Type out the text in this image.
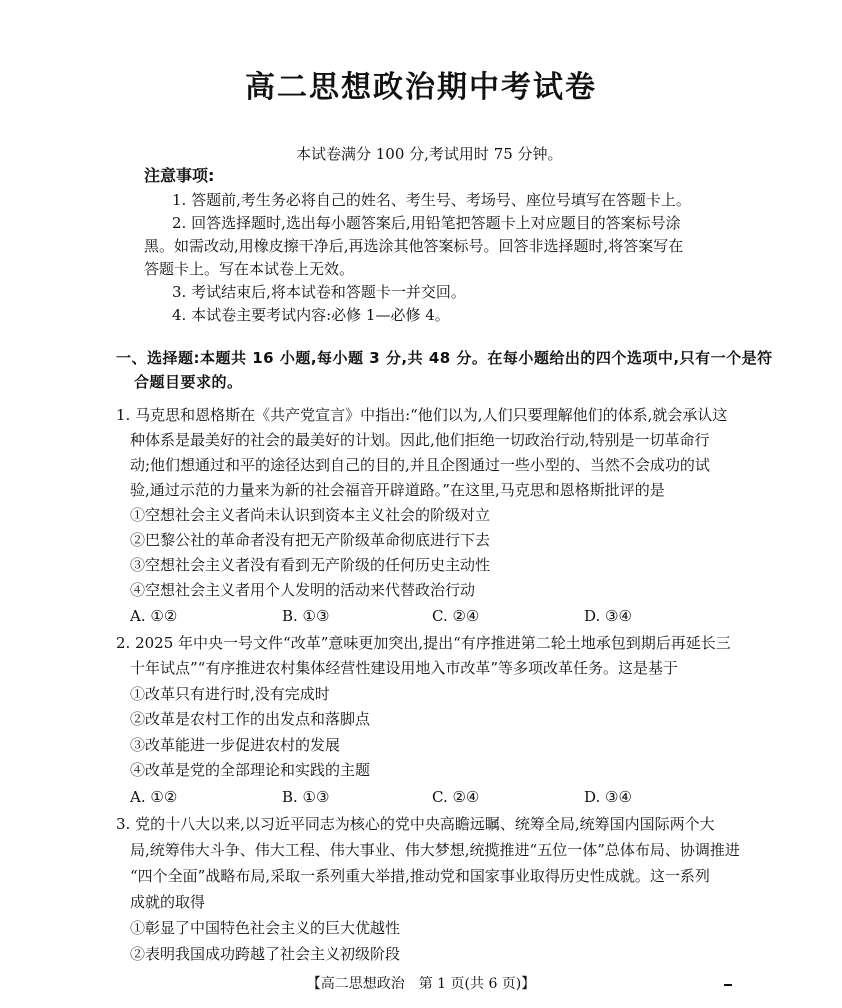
高二思想政治期中考试卷
本试卷满分 100 分,考试用时 75 分钟。
注意事项:
1. 答题前,考生务必将自己的姓名、考生号、考场号、座位号填写在答题卡上。
2. 回答选择题时,选出每小题答案后,用铅笔把答题卡上对应题目的答案标号涂
黑。如需改动,用橡皮擦干净后,再选涂其他答案标号。回答非选择题时,将答案写在
答题卡上。写在本试卷上无效。
3. 考试结束后,将本试卷和答题卡一并交回。
4. 本试卷主要考试内容:必修 1—必修 4。
一、选择题:本题共 16 小题,每小题 3 分,共 48 分。在每小题给出的四个选项中,只有一个是符
合题目要求的。
1. 马克思和恩格斯在《共产党宣言》中指出:“他们以为,人们只要理解他们的体系,就会承认这
种体系是最美好的社会的最美好的计划。因此,他们拒绝一切政治行动,特别是一切革命行
动;他们想通过和平的途径达到自己的目的,并且企图通过一些小型的、当然不会成功的试
验,通过示范的力量来为新的社会福音开辟道路。”在这里,马克思和恩格斯批评的是
①空想社会主义者尚未认识到资本主义社会的阶级对立
②巴黎公社的革命者没有把无产阶级革命彻底进行下去
③空想社会主义者没有看到无产阶级的任何历史主动性
④空想社会主义者用个人发明的活动来代替政治行动
A. ①②	B. ①③	C. ②④	D. ③④
2. 2025 年中央一号文件“改革”意味更加突出,提出“有序推进第二轮土地承包到期后再延长三
十年试点”“有序推进农村集体经营性建设用地入市改革”等多项改革任务。这是基于
①改革只有进行时,没有完成时
②改革是农村工作的出发点和落脚点
③改革能进一步促进农村的发展
④改革是党的全部理论和实践的主题
A. ①②	B. ①③	C. ②④	D. ③④
3. 党的十八大以来,以习近平同志为核心的党中央高瞻远瞩、统筹全局,统筹国内国际两个大
局,统筹伟大斗争、伟大工程、伟大事业、伟大梦想,统揽推进“五位一体”总体布局、协调推进
“四个全面”战略布局,采取一系列重大举措,推动党和国家事业取得历史性成就。这一系列
成就的取得
①彰显了中国特色社会主义的巨大优越性
②表明我国成功跨越了社会主义初级阶段
【高二思想政治　第 1 页(共 6 页)】
